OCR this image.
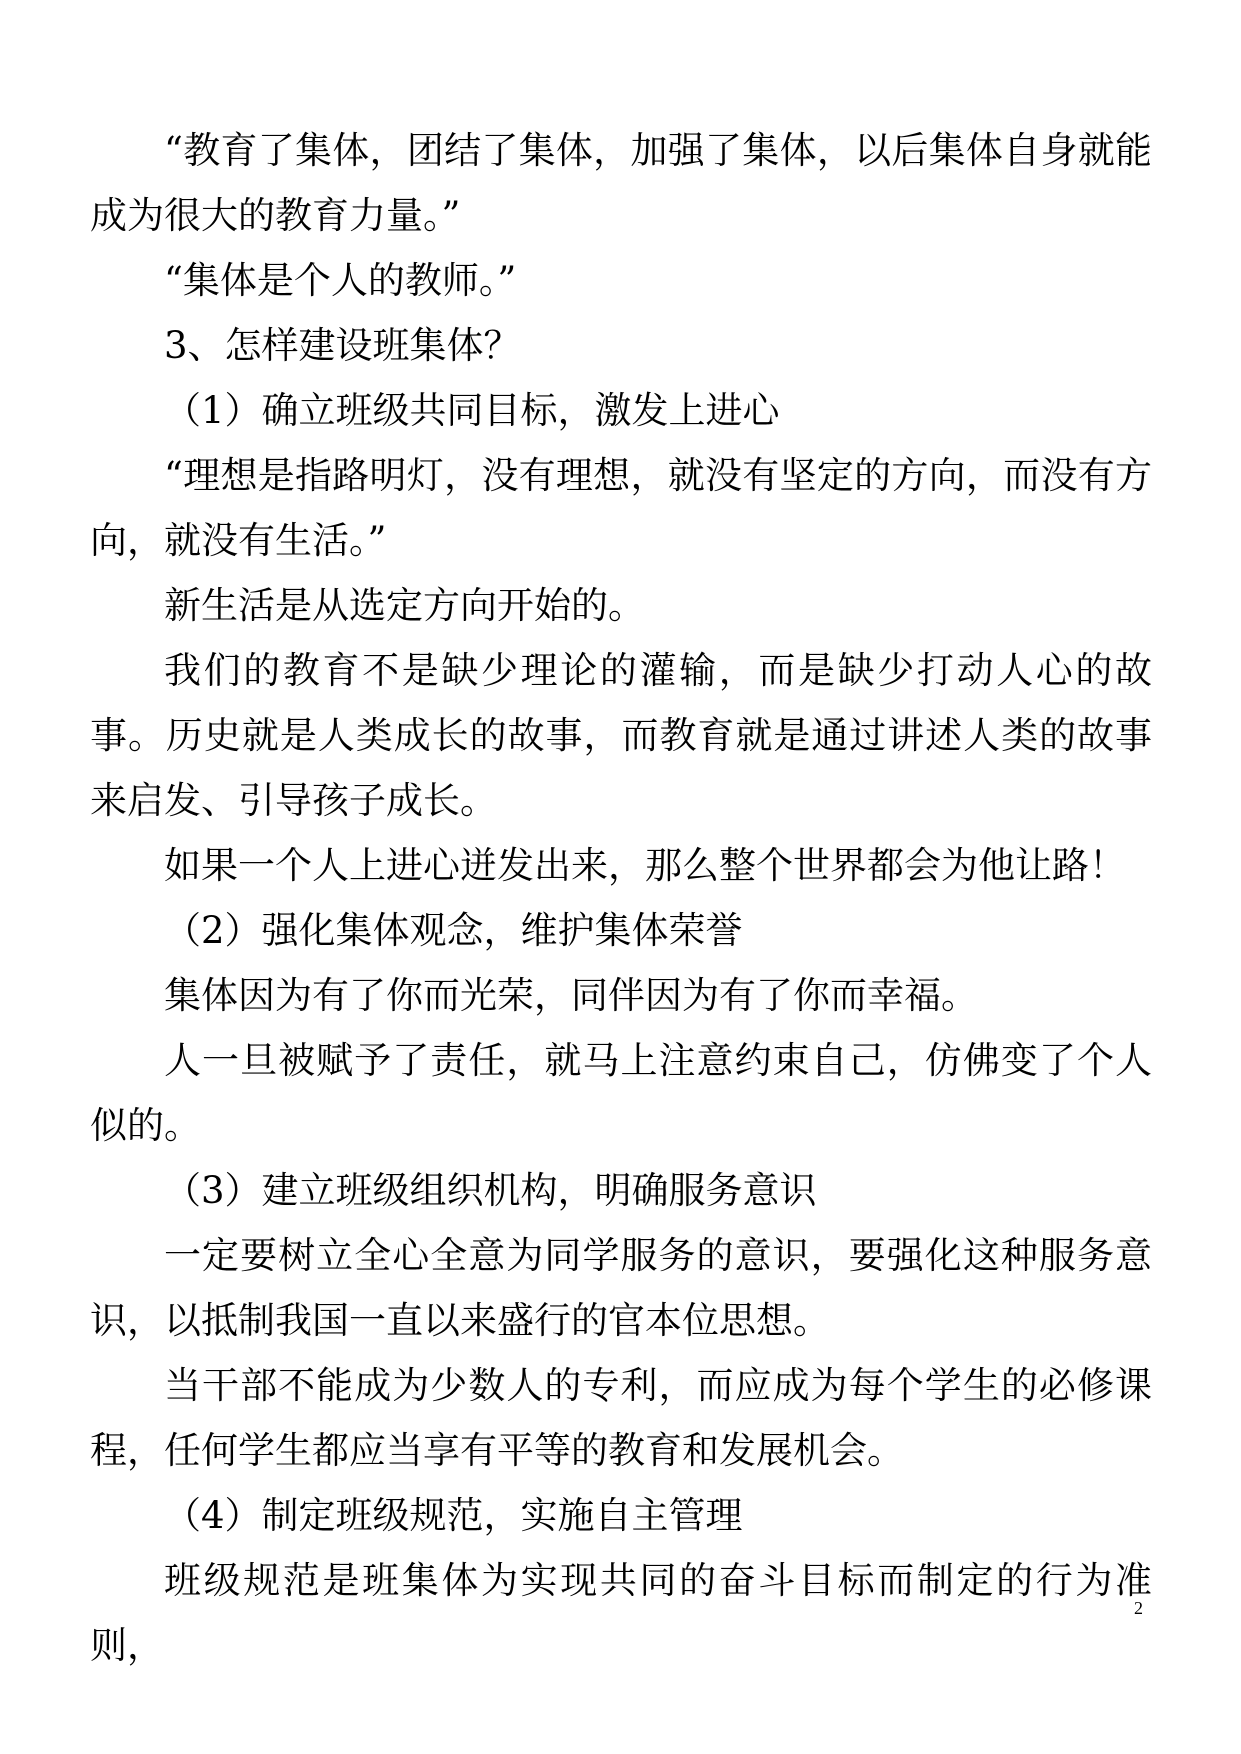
“教育了集体，团结了集体，加强了集体，以后集体自身就能成为很大的教育力量。”

“集体是个人的教师。”

3、怎样建设班集体？

（1）确立班级共同目标，激发上进心

“理想是指路明灯，没有理想，就没有坚定的方向，而没有方向，就没有生活。”

新生活是从选定方向开始的。

我们的教育不是缺少理论的灌输，而是缺少打动人心的故事。历史就是人类成长的故事，而教育就是通过讲述人类的故事来启发、引导孩子成长。

如果一个人上进心迸发出来，那么整个世界都会为他让路！

（2）强化集体观念，维护集体荣誉

集体因为有了你而光荣，同伴因为有了你而幸福。

人一旦被赋予了责任，就马上注意约束自己，仿佛变了个人似的。

（3）建立班级组织机构，明确服务意识

一定要树立全心全意为同学服务的意识，要强化这种服务意识，以抵制我国一直以来盛行的官本位思想。

当干部不能成为少数人的专利，而应成为每个学生的必修课程，任何学生都应当享有平等的教育和发展机会。

（4）制定班级规范，实施自主管理

班级规范是班集体为实现共同的奋斗目标而制定的行为准则，

2
